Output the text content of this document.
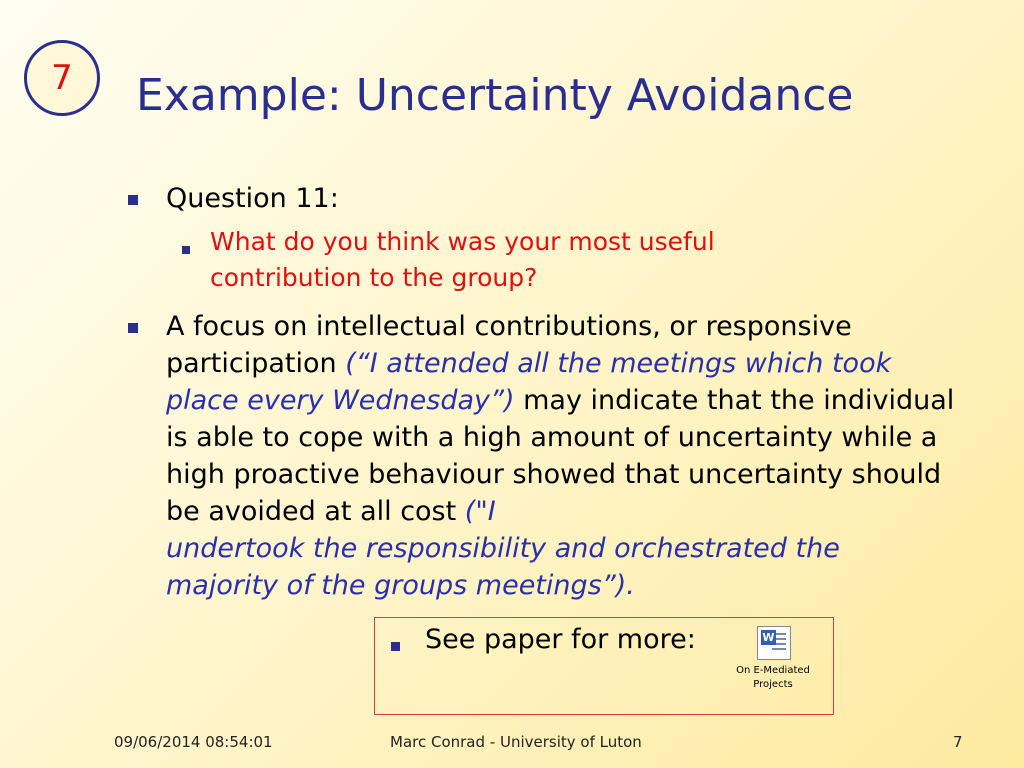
7 Example: Uncertainty Avoidance
Question 11:
What do you think was your most useful contribution to the group?
A focus on intellectual contributions, or responsive participation (“I attended all the meetings which took place every Wednesday”) may indicate that the individual is able to cope with a high amount of uncertainty while a high proactive behaviour showed that uncertainty should be avoided at all cost ("I
undertook the responsibility and orchestrated the
majority of the groups meetings”).
See paper for more:	W
On E-Mediated Projects
09/06/2014 08:54:01	Marc Conrad - University of Luton	7
